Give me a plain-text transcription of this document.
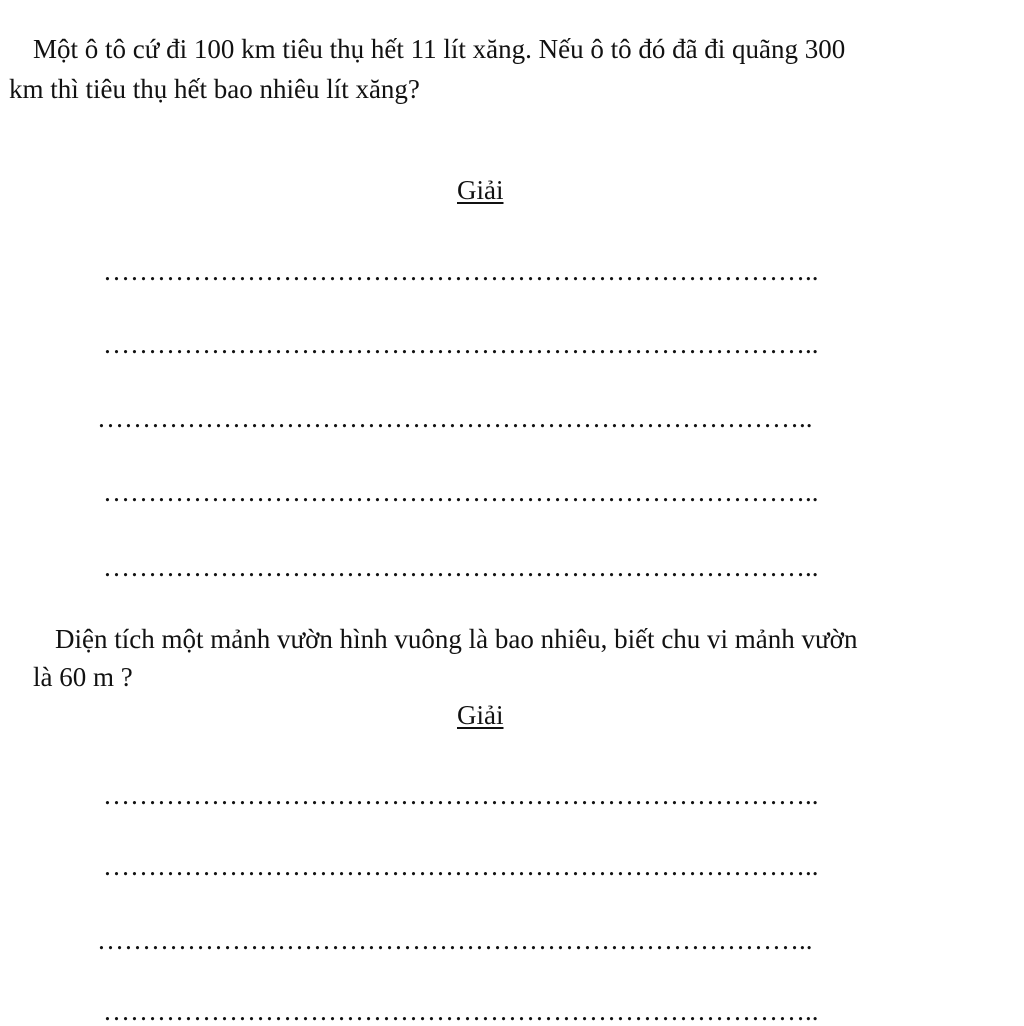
Một ô tô cứ đi 100 km tiêu thụ hết 11 lít xăng. Nếu ô tô đó đã đi quãng 300

km thì tiêu thụ hết bao nhiêu lít xăng?

Giải
……………………………………………………………………..
……………………………………………………………………..
……………………………………………………………………..
……………………………………………………………………..
……………………………………………………………………..

Diện tích một mảnh vườn hình vuông là bao nhiêu, biết chu vi mảnh vườn

là 60 m ?

Giải
……………………………………………………………………..
……………………………………………………………………..
……………………………………………………………………..
……………………………………………………………………..
